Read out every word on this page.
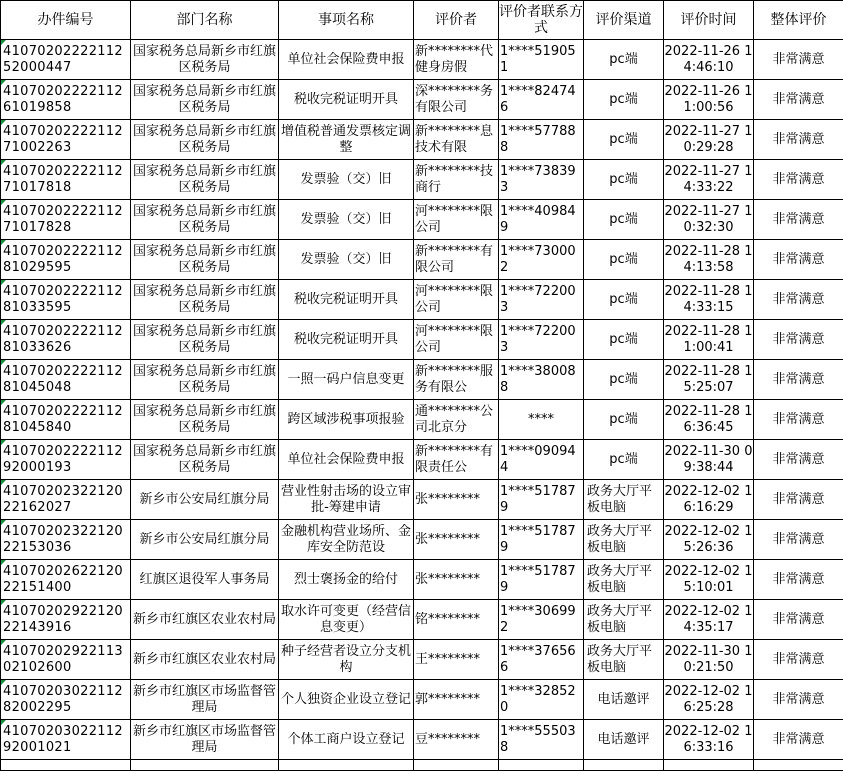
办件编号	部门名称	事项名称	评价者	评价者联系方式	评价渠道	评价时间	整体评价

4107020222211252000447	国家税务总局新乡市红旗区税务局	单位社会保险费申报	新********代健身房假	1****519051	pc端	2022-11-26 14:46:10	非常满意

4107020222211261019858	国家税务总局新乡市红旗区税务局	税收完税证明开具	深********务有限公司	1****824746	pc端	2022-11-26 11:00:56	非常满意

4107020222211271002263	国家税务总局新乡市红旗区税务局	增值税普通发票核定调整	新********息技术有限	1****577888	pc端	2022-11-27 10:29:28	非常满意

4107020222211271017818	国家税务总局新乡市红旗区税务局	发票验（交）旧	新********技商行	1****738393	pc端	2022-11-27 14:33:22	非常满意

4107020222211271017828	国家税务总局新乡市红旗区税务局	发票验（交）旧	河********限公司	1****409849	pc端	2022-11-27 10:32:30	非常满意

4107020222211281029595	国家税务总局新乡市红旗区税务局	发票验（交）旧	新********有限公司	1****730002	pc端	2022-11-28 14:13:58	非常满意

4107020222211281033595	国家税务总局新乡市红旗区税务局	税收完税证明开具	河********限公司	1****722003	pc端	2022-11-28 14:33:15	非常满意

4107020222211281033626	国家税务总局新乡市红旗区税务局	税收完税证明开具	河********限公司	1****722003	pc端	2022-11-28 11:00:41	非常满意

4107020222211281045048	国家税务总局新乡市红旗区税务局	一照一码户信息变更	新********服务有限公	1****380088	pc端	2022-11-28 15:25:07	非常满意

4107020222211281045840	国家税务总局新乡市红旗区税务局	跨区域涉税事项报验	通********公司北京分	****	pc端	2022-11-28 16:36:45	非常满意

4107020222211292000193	国家税务总局新乡市红旗区税务局	单位社会保险费申报	新********有限责任公	1****090944	pc端	2022-11-30 09:38:44	非常满意

4107020232212022162027	新乡市公安局红旗分局	营业性射击场的设立审批-筹建申请	张********	1****517879	政务大厅平板电脑	2022-12-02 16:16:29	非常满意

4107020232212022153036	新乡市公安局红旗分局	金融机构营业场所、金库安全防范设	张********	1****517879	政务大厅平板电脑	2022-12-02 15:26:36	非常满意

4107020262212022151400	红旗区退役军人事务局	烈士褒扬金的给付	张********	1****517879	政务大厅平板电脑	2022-12-02 15:10:01	非常满意

4107020292212022143916	新乡市红旗区农业农村局	取水许可变更（经营信息变更）	铭********	1****306992	政务大厅平板电脑	2022-12-02 14:35:17	非常满意

4107020292211302102600	新乡市红旗区农业农村局	种子经营者设立分支机构	王********	1****376566	政务大厅平板电脑	2022-11-30 10:21:50	非常满意

4107020302211282002295	新乡市红旗区市场监督管理局	个人独资企业设立登记	郭********	1****328520	电话邀评	2022-12-02 16:25:28	非常满意

4107020302211292001021	新乡市红旗区市场监督管理局	个体工商户设立登记	豆********	1****555038	电话邀评	2022-12-02 16:33:16	非常满意
